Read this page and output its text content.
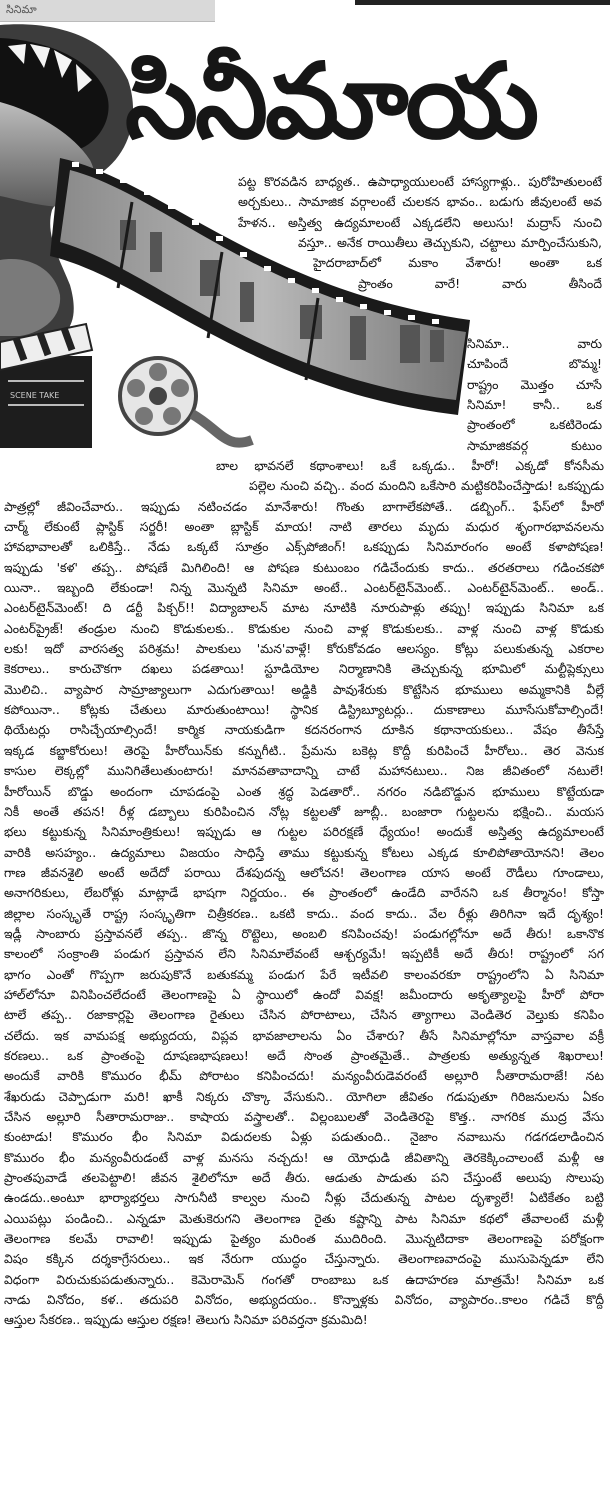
సినిమా
SCENE TAKE
సినీమాయ
పట్ట కొరవడిన బాధ్యత.. ఉపాధ్యాయులంటే హాస్యగాళ్లు.. పురోహితులంటే
అర్చకులు.. సామాజిక వర్గాలంటే చులకన భావం.. బడుగు జీవులంటే అవ
హేళన.. అస్తిత్వ ఉద్యమాలంటే ఎక్కడలేని అలుసు! మద్రాస్ నుంచి
వస్తూ.. అనేక రాయితీలు తెచ్చుకుని, చట్టాలు మార్పించేసుకుని,
హైదరాబాద్‌లో మకాం వేశారు! అంతా ఒక
ప్రాంతం వారే! వారు తీసిందే
సినిమా.. వారు
చూపిందే బొమ్మ!
రాష్ట్రం మొత్తం చూసే
సినిమా! కానీ.. ఒక
ప్రాంతంలో ఒకటిరెండు
సామాజికవర్గ కుటుం
బాల భావనలే కథాంశాలు! ఒకే ఒక్కడు.. హీరో! ఎక్కడో కోనసీమ
పల్లెల నుంచి వచ్చి.. వంద మందిని ఒకేసారి మట్టికరిపించేస్తాడు! ఒకప్పుడు
పాత్రల్లో జీవించేవారు.. ఇప్పుడు నటించడం మానేశారు! గొంతు బాగాలేకపోతే.. డబ్బింగ్.. ఫేస్‌లో హీరో
చార్మ్ లేకుంటే ప్లాస్టిక్ సర్జరీ! అంతా బ్లాస్టిక్ మాయ! నాటి తారలు మృదు మధుర శృంగారభావనలను
హావభావాలతో ఒలికిస్తే.. నేడు ఒక్కటే సూత్రం ఎక్స్‌పోజింగ్! ఒకప్పుడు సినిమారంగం అంటే కళాపోషణ!
ఇప్పుడు 'కళ' తప్ప.. పోషణే మిగిలింది! ఆ పోషణ కుటుంబం గడిచేందుకు కాదు.. తరతరాలు గడించకపో
యినా.. ఇబ్బంది లేకుండా! నిన్న మొన్నటి సినిమా అంటే.. ఎంటర్‌టైన్‌మెంట్.. ఎంటర్‌టైన్‌మెంట్.. అండ్..
ఎంటర్‌టైన్‌మెంట్! ది డర్టీ పిక్చర్!! విద్యాబాలన్ మాట నూటికి నూరుపాళ్లు తప్పు! ఇప్పుడు సినిమా ఒక
ఎంటర్‌ప్రైజ్! తండ్రుల నుంచి కొడుకులకు.. కొడుకుల నుంచి వాళ్ల కొడుకులకు.. వాళ్ల నుంచి వాళ్ల కొడుకు
లకు! ఇదో వారసత్వ పరిశ్రమ! పాలకులు 'మన'వాళ్లే! కోరుకోవడం ఆలస్యం. కోట్లు పలుకుతున్న ఎకరాల
కెకరాలు.. కారుచౌకగా దఖలు పడతాయి! స్టూడియోల నిర్మాణానికి తెచ్చుకున్న భూమిలో మల్టీప్లెక్సులు
మొలిచి.. వ్యాపార సామ్రాజ్యాలుగా ఎదుగుతాయి! అడ్డికి పావుశేరుకు కొట్టేసిన భూములు అమ్మకానికి వీల్లే
కపోయినా.. కోట్లకు చేతులు మారుతుంటాయి! స్థానిక డిస్ట్రిబ్యూటర్లు.. దుకాణాలు మూసేసుకోవాల్సిందే!
థియేటర్లు రాసిచ్చేయాల్సిందే! కార్మిక నాయకుడిగా కదనరంగాన దూకిన కథానాయకులు.. వేషం తీసేస్తే
ఇక్కడ కబ్జాకోరులు! తెరపై హీరోయిన్‌కు కన్నుగీటి.. ప్రేమను బకెట్ల కొద్దీ కురిపించే హీరోలు.. తెర వెనుక
కాసుల లెక్కల్లో మునిగితేలుతుంటారు! మానవతావాదాన్ని చాటే మహానటులు.. నిజ జీవితంలో నటులే!
హీరోయిన్ బొడ్డు అందంగా చూపడంపై ఎంత శ్రద్ధ పెడతారో.. నగరం నడిబొడ్డున భూములు కొట్టేయడా
నికీ అంతే తపన! రీళ్ల డబ్బాలు కురిపించిన నోట్ల కట్టలతో జూబ్లీ.. బంజారా గుట్టలను భక్షించి.. మయస
భలు కట్టుకున్న సినిమాంత్రికులు! ఇప్పుడు ఆ గుట్టల పరిరక్షణే ధ్యేయం! అందుకే అస్తిత్వ ఉద్యమాలంటే
వారికి అసహ్యం.. ఉద్యమాలు విజయం సాధిస్తే తాము కట్టుకున్న కోటలు ఎక్కడ కూలిపోతాయోనని! తెలం
గాణ జీవనశైలి అంటే అదేదో పరాయి దేశపుదన్న ఆలోచన! తెలంగాణ యాస అంటే రౌడీలు గూండాలు,
అనాగరికులు, లేబరోళ్లు మాట్లాడే భాషగా నిర్ణయం.. ఈ ప్రాంతంలో ఉండేది వారేనని ఒక తీర్మానం! కోస్తా
జిల్లాల సంస్కృతే రాష్ట్ర సంస్కృతిగా చిత్రీకరణ.. ఒకటి కాదు.. వంద కాదు.. వేల రీళ్లు తిరిగినా ఇదే దృశ్యం!
ఇడ్లీ సాంబారు ప్రస్తావనలే తప్ప.. జొన్న రొట్టెలు, అంబలి కనిపించవు! పండుగల్లోనూ అదే తీరు! ఒకానొక
కాలంలో సంక్రాంతి పండుగ ప్రస్తావన లేని సినిమాలేవంటే ఆశ్చర్యమే! ఇప్పటికీ అదే తీరు! రాష్ట్రంలో సగ
భాగం ఎంతో గొప్పగా జరుపుకొనే బతుకమ్మ పండుగ పేరే ఇటీవలి కాలంవరకూ రాష్ట్రంలోని ఏ సినిమా
హాల్‌లోనూ వినిపించలేదంటే తెలంగాణపై ఏ స్థాయిలో ఉందో వివక్ష! జమీందారు అకృత్యాలపై హీరో పోరా
టాలే తప్ప.. రజాకార్లపై తెలంగాణ రైతులు చేసిన పోరాటాలు, చేసిన త్యాగాలు వెండితెర వెల్తుకు కనిపిం
చలేదు. ఇక వామపక్ష అభ్యుదయ, విప్లవ భావజాలాలను ఏం చేశారు? తీసే సినిమాల్లోనూ వాస్తవాల వక్రీ
కరణలు.. ఒక ప్రాంతంపై దూషణభాషణలు! అదే సొంత ప్రాంతమైతే.. పాత్రలకు అత్యున్నత శిఖరాలు!
అందుకే వారికి కొమురం భీమ్ పోరాటం కనిపించదు! మన్యంవీరుడెవరంటే అల్లూరి సీతారామరాజే! నట
శేఖరుడు చెప్పాడుగా మరి! ఖాకీ నిక్కరు చొక్కా వేసుకుని.. యోగిలా జీవితం గడుపుతూ గిరిజనులను ఏకం
చేసిన అల్లూరి సీతారామరాజు.. కాషాయ వస్త్రాలతో.. విల్లంబులతో వెండితెరపై కొత్త.. నాగరిక ముద్ర వేసు
కుంటాడు! కొమురం భీం సినిమా విడుదలకు ఏళ్లు పడుతుంది.. నైజాం నవాబును గడగడలాడించిన
కొమురం భీం మన్యంవీరుడంటే వాళ్ల మనసు నచ్చదు! ఆ యోధుడి జీవితాన్ని తెరకెక్కించాలంటే మళ్లీ ఆ
ప్రాంతపువాడే తలపెట్టాలి! జీవన శైలిలోనూ అదే తీరు. ఆడుతు పాడుతు పని చేస్తుంటే అలుపు సొలుపు
ఉండదు..అంటూ భార్యాభర్తలు సాగునీటి కాల్వల నుంచి నీళ్లు చేదుతున్న పాటల దృశ్యాలే! ఏటికేతం బట్టి
ఎయిపట్లు పండించి.. ఎన్నడూ మెతుకెరుగని తెలంగాణ రైతు కష్టాన్ని పాట సినిమా కథలో తేవాలంటే మళ్లీ
తెలంగాణ కలమే రావాలి! ఇప్పుడు పైత్యం మరింత ముదిరింది. మొన్నటిదాకా తెలంగాణపై పరోక్షంగా
విషం కక్కిన దర్శకాగ్రేసరులు.. ఇక నేరుగా యుద్ధం చేస్తున్నారు. తెలంగాణవాదంపై ముసుపెన్నడూ లేని
విధంగా విరుచుకుపడుతున్నారు.. కెమెరామెన్ గంగతో రాంబాబు ఒక ఉదాహరణ మాత్రమే! సినిమా ఒక
నాడు వినోదం, కళ.. తదుపరి వినోదం, అభ్యుదయం.. కొన్నాళ్లకు వినోదం, వ్యాపారం..కాలం గడిచే కొద్దీ
ఆస్తుల సేకరణ.. ఇప్పుడు ఆస్తుల రక్షణ! తెలుగు సినిమా పరివర్తనా క్రమమిది!
